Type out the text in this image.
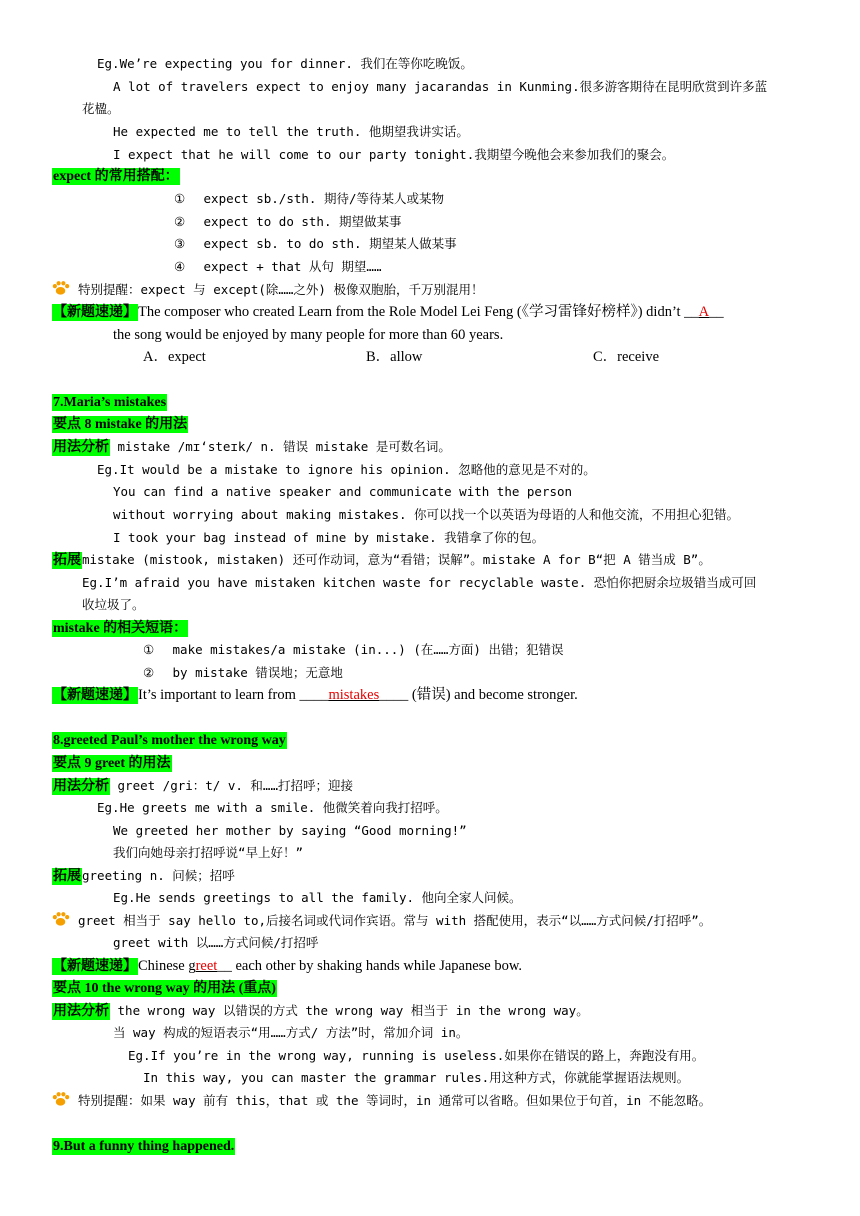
Eg.We’re expecting you for dinner. 我们在等你吃晚饭。
A lot of travelers expect to enjoy many jacarandas in Kunming.很多游客期待在昆明欣赏到许多蓝
花楹。
He expected me to tell the truth. 他期望我讲实话。
I expect that he will come to our party tonight.我期望今晚他会来参加我们的聚会。
expect 的常用搭配：
① expect sb./sth. 期待/等待某人或某物
② expect to do sth. 期望做某事
③ expect sb. to do sth. 期望某人做某事
④ expect + that 从句 期望……
特别提醒：expect 与 except(除……之外) 极像双胞胎，千万别混用！
【新题速递】The composer who created Learn from the Role Model Lei Feng (《学习雷锋好榜样》) didn’t __A__
the song would be enjoyed by many people for more than 60 years.
A．expect	B．allow	C．receive
7.Maria’s mistakes
要点 8 mistake 的用法
用法分析 mistake /mɪ‘steɪk/ n. 错误 mistake 是可数名词。
Eg.It would be a mistake to ignore his opinion. 忽略他的意见是不对的。
You can find a native speaker and communicate with the person
without worrying about making mistakes. 你可以找一个以英语为母语的人和他交流，不用担心犯错。
I took your bag instead of mine by mistake. 我错拿了你的包。
拓展mistake (mistook, mistaken) 还可作动词，意为“看错；误解”。mistake A for B“把 A 错当成 B”。
Eg.I’m afraid you have mistaken kitchen waste for recyclable waste. 恐怕你把厨余垃圾错当成可回
收垃圾了。
mistake 的相关短语：
① make mistakes/a mistake (in...) (在……方面) 出错；犯错误
② by mistake 错误地；无意地
【新题速递】It’s important to learn from ____mistakes____ (错误) and become stronger.
8.greeted Paul’s mother the wrong way
要点 9 greet 的用法
用法分析 greet /gri：t/ v. 和……打招呼；迎接
Eg.He greets me with a smile. 他微笑着向我打招呼。
We greeted her mother by saying “Good morning!”
我们向她母亲打招呼说“早上好！”
拓展greeting n. 问候；招呼
Eg.He sends greetings to all the family. 他向全家人问候。
greet 相当于 say hello to,后接名词或代词作宾语。常与 with 搭配使用，表示“以……方式问候/打招呼”。
greet with 以……方式问候/打招呼
【新题速递】Chinese greet__ each other by shaking hands while Japanese bow.
要点 10 the wrong way 的用法 (重点)
用法分析 the wrong way 以错误的方式 the wrong way 相当于 in the wrong way。
当 way 构成的短语表示“用……方式/ 方法”时，常加介词 in。
Eg.If you’re in the wrong way, running is useless.如果你在错误的路上，奔跑没有用。
In this way, you can master the grammar rules.用这种方式，你就能掌握语法规则。
特别提醒：如果 way 前有 this，that 或 the 等词时，in 通常可以省略。但如果位于句首，in 不能忽略。
9.But a funny thing happened.
